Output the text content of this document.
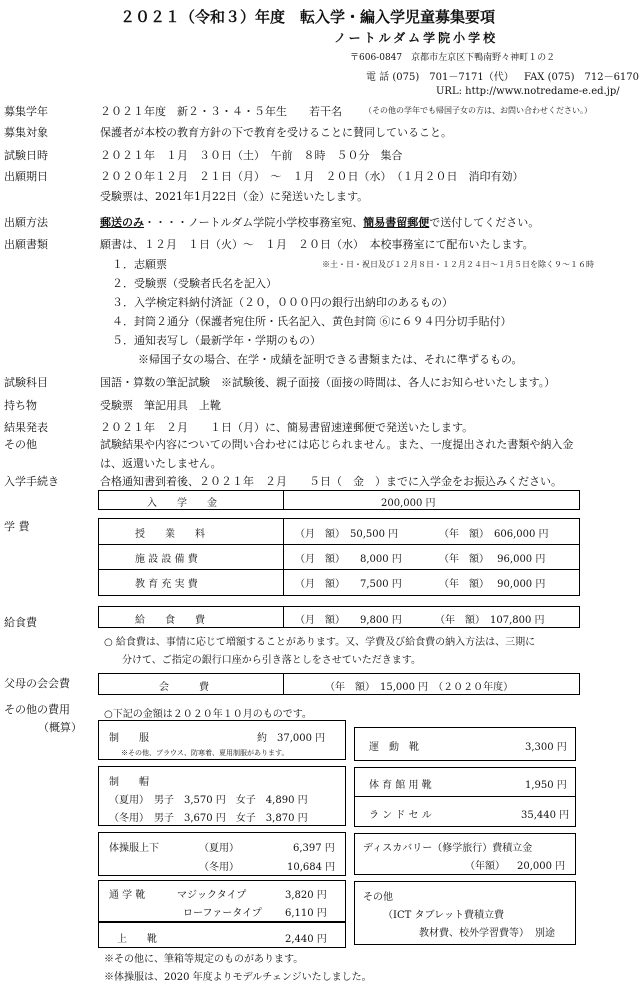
２０２１（令和３）年度　転入学・編入学児童募集要項
ノートルダム学院小学校
〒606-0847　京都市左京区下鴨南野々神町１の２
電 話 (075)　701－7171（代） FAX (075)　712－6170
URL: http://www.notredame-e.ed.jp/
募集学年	２０２１年度　新２・３・４・５年生　　若干名	（その他の学年でも帰国子女の方は、お問い合わせください。）
募集対象	保護者が本校の教育方針の下で教育を受けることに賛同していること。
試験日時	２０２１年　１月　３０日（土）　午前　８時　５０分　集合
出願期日	２０２０年１２月　２１日（月）　～　１月　２０日（水）　（１月２０日　消印有効）
受験票は、2021年1月22日（金）に発送いたします。
出願方法	郵送のみ・・・・ノートルダム学院小学校事務室宛、簡易書留郵便で送付してください。
出願書類	願書は、１２月　１日（火）～　１月　２０日（水）　本校事務室にて配布いたします。
１．志願票	※土・日・祝日及び１２月８日・１２月２４日～１月５日を除く９～１６時
２．受験票（受験者氏名を記入）
３．入学検定料納付済証（２０，０００円の銀行出納印のあるもの）
４．封筒２通分（保護者宛住所・氏名記入、黄色封筒 ⑥に６９４円分切手貼付）
５．通知表写し（最新学年・学期のもの）
※帰国子女の場合、在学・成績を証明できる書類または、それに準ずるもの。
試験科目	国語・算数の筆記試験　※試験後、親子面接（面接の時間は、各人にお知らせいたします。）
持ち物	受験票　筆記用具　上靴
結果発表	２０２１年　２月　　１日（月）に、簡易書留速達郵便で発送いたします。
その他	試験結果や内容についての問い合わせには応じられません。また、一度提出された書類や納入金
は、返還いたしません。
入学手続き	合格通知書到着後、２０２１年　２月　　５日（　金　）までに入学金をお振込みください。
入　　学　　金	200,000 円
学 費
授　　業　　料	（月　額）　50,500 円	（年　額）　606,000 円
施 設 設 備 費	（月　額）　　8,000 円	（年　額）　 96,000 円
教 育 充 実 費	（月　額）　　7,500 円	（年　額）　 90,000 円
給食費	給　　食　　費	（月　額）　　9,800 円	（年　額）　107,800 円
○ 給食費は、事情に応じて増額することがあります。又、学費及び給食費の納入方法は、三期に
分けて、ご指定の銀行口座から引き落としをさせていただきます。
父母の会会費	会　　　費	（年　額）　15,000 円　（２０２０年度）
その他の費用
（概算）
○下記の金額は２０２０年１０月のものです。
制　　服	約　37,000 円
※その他、ブラウス、防寒着、夏用制服があります。
制　　帽
（夏用）　男子　3,570 円　女子　4,890 円
（冬用）　男子　3,670 円　女子　3,870 円
体操服上下	（夏用）	6,397 円
（冬用）	10,684 円
通 学 靴	マジックタイプ	3,820 円
ローファータイプ 6,110 円
上　　靴	2,440 円
運　動　靴	3,300 円
体 育 館 用 靴	1,950 円
ラ ン ド セ ル	35,440 円
ディスカバリー（修学旅行）費積立金
（年額） 20,000 円
その他
（ICT タブレット費積立費
教材費、校外学習費等） 別途
※その他に、筆箱等規定のものがあります。
※体操服は、2020 年度よりモデルチェンジいたしました。
